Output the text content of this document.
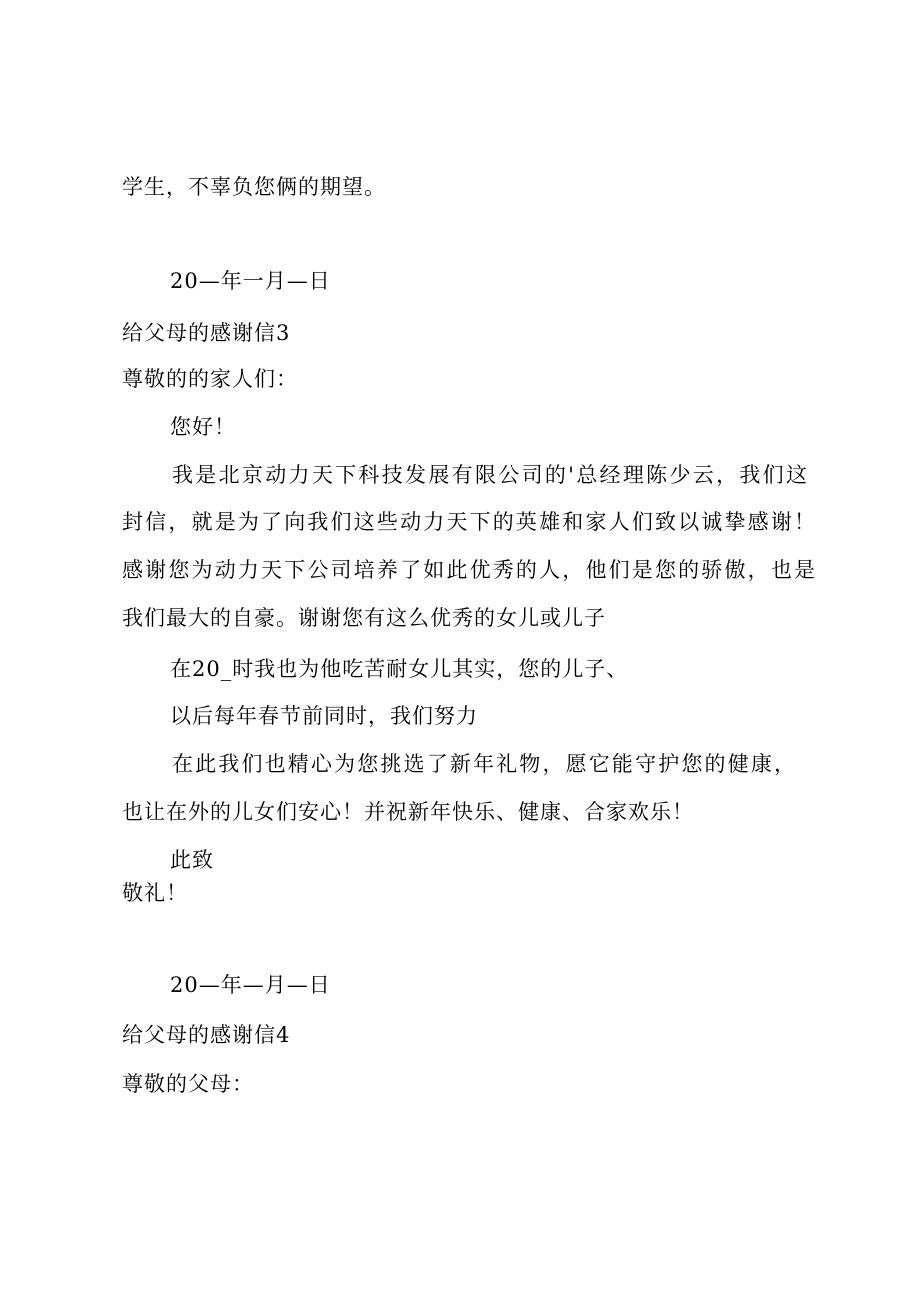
学生，不辜负您俩的期望。
20—年一月—日
给父母的感谢信3
尊敬的的家人们：
您好！
我是北京动力天下科技发展有限公司的'总经理陈少云，我们这
封信，就是为了向我们这些动力天下的英雄和家人们致以诚挚感谢！
感谢您为动力天下公司培养了如此优秀的人，他们是您的骄傲，也是
我们最大的自豪。谢谢您有这么优秀的女儿或儿子
在20_时我也为他吃苦耐女儿其实，您的儿子、
以后每年春节前同时，我们努力
在此我们也精心为您挑选了新年礼物，愿它能守护您的健康，
也让在外的儿女们安心！并祝新年快乐、健康、合家欢乐！
此致
敬礼！
20—年—月—日
给父母的感谢信4
尊敬的父母：
